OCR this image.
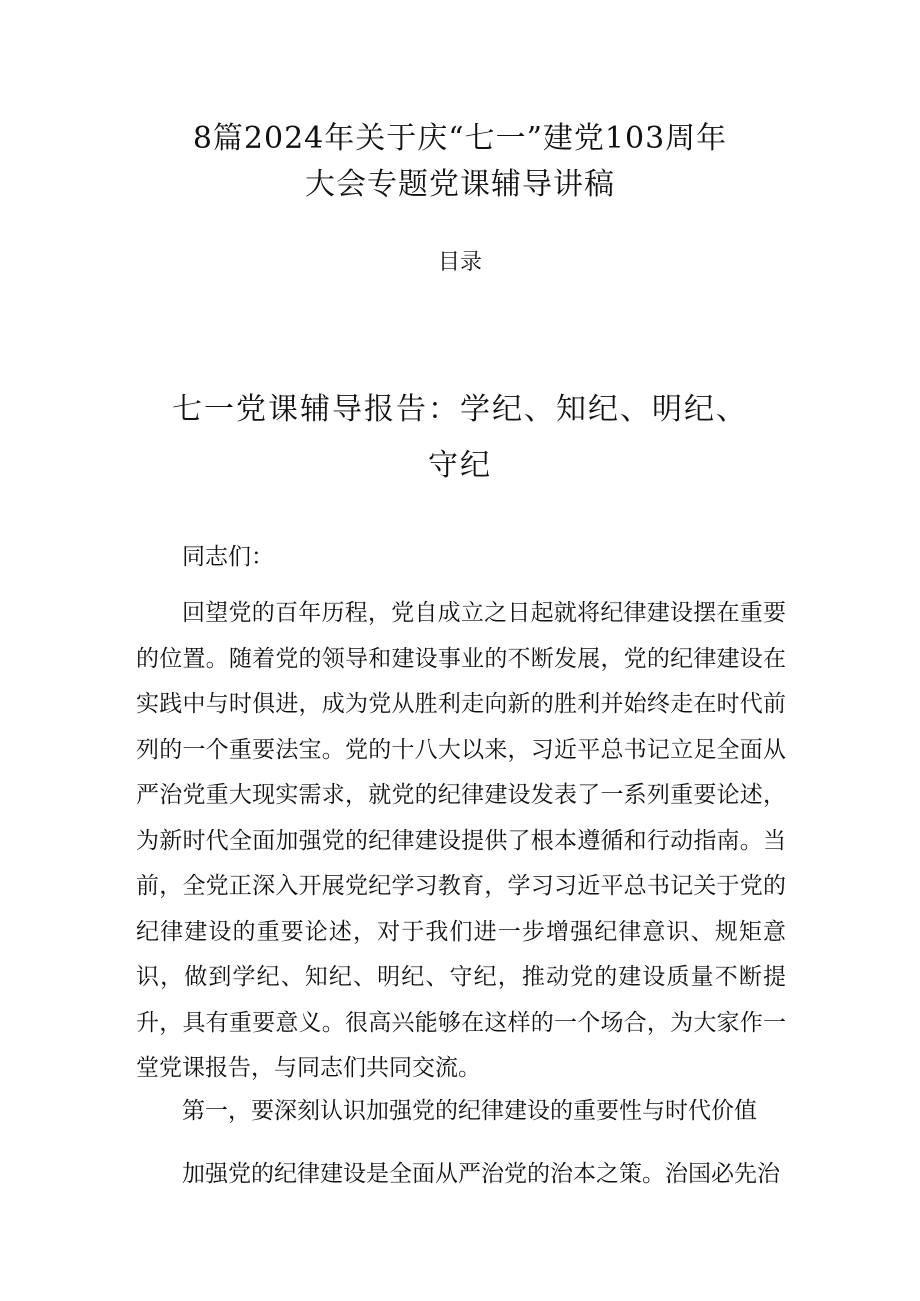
8篇2024年关于庆“七一”建党103周年
大会专题党课辅导讲稿
目录
七一党课辅导报告：学纪、知纪、明纪、
守纪

同志们：

回望党的百年历程，党自成立之日起就将纪律建设摆在重要的位置。随着党的领导和建设事业的不断发展，党的纪律建设在实践中与时俱进，成为党从胜利走向新的胜利并始终走在时代前列的一个重要法宝。党的十八大以来，习近平总书记立足全面从严治党重大现实需求，就党的纪律建设发表了一系列重要论述，为新时代全面加强党的纪律建设提供了根本遵循和行动指南。当前，全党正深入开展党纪学习教育，学习习近平总书记关于党的纪律建设的重要论述，对于我们进一步增强纪律意识、规矩意识，做到学纪、知纪、明纪、守纪，推动党的建设质量不断提升，具有重要意义。很高兴能够在这样的一个场合，为大家作一堂党课报告，与同志们共同交流。

第一，要深刻认识加强党的纪律建设的重要性与时代价值

加强党的纪律建设是全面从严治党的治本之策。治国必先治
